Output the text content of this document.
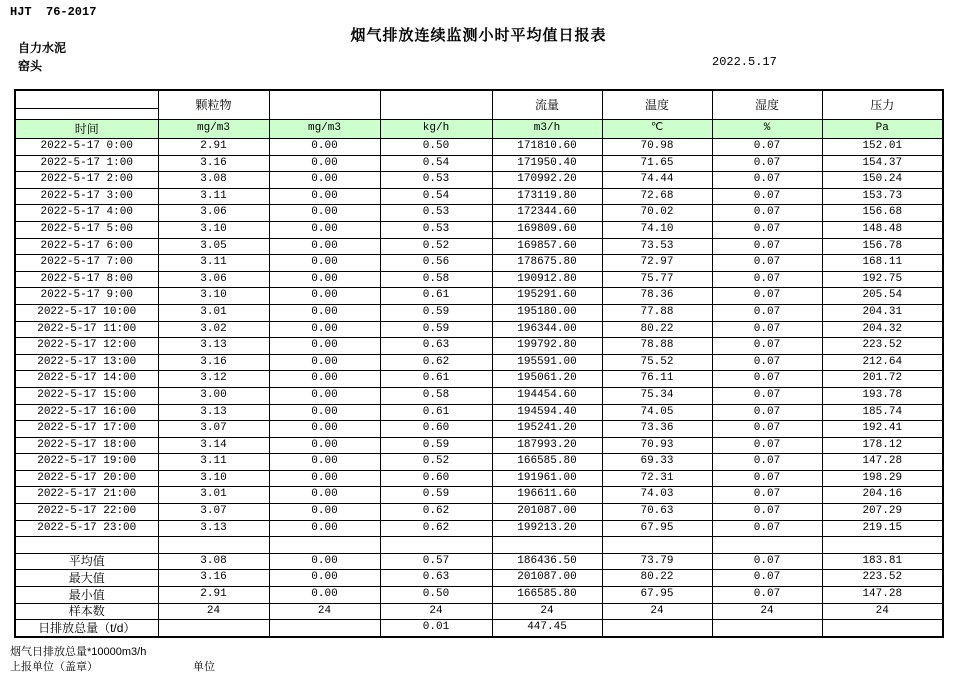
HJT  76-2017
烟气排放连续监测小时平均值日报表
自力水泥
窑头	2022.5.17
	颗粒物			流量	温度	湿度	压力

时间	mg/m3	mg/m3	kg/h	m3/h	℃	%	Pa
2022-5-17 0:00	2.91	0.00	0.50	171810.60	70.98	0.07	152.01
2022-5-17 1:00	3.16	0.00	0.54	171950.40	71.65	0.07	154.37
2022-5-17 2:00	3.08	0.00	0.53	170992.20	74.44	0.07	150.24
2022-5-17 3:00	3.11	0.00	0.54	173119.80	72.68	0.07	153.73
2022-5-17 4:00	3.06	0.00	0.53	172344.60	70.02	0.07	156.68
2022-5-17 5:00	3.10	0.00	0.53	169809.60	74.10	0.07	148.48
2022-5-17 6:00	3.05	0.00	0.52	169857.60	73.53	0.07	156.78
2022-5-17 7:00	3.11	0.00	0.56	178675.80	72.97	0.07	168.11
2022-5-17 8:00	3.06	0.00	0.58	190912.80	75.77	0.07	192.75
2022-5-17 9:00	3.10	0.00	0.61	195291.60	78.36	0.07	205.54
2022-5-17 10:00	3.01	0.00	0.59	195180.00	77.88	0.07	204.31
2022-5-17 11:00	3.02	0.00	0.59	196344.00	80.22	0.07	204.32
2022-5-17 12:00	3.13	0.00	0.63	199792.80	78.88	0.07	223.52
2022-5-17 13:00	3.16	0.00	0.62	195591.00	75.52	0.07	212.64
2022-5-17 14:00	3.12	0.00	0.61	195061.20	76.11	0.07	201.72
2022-5-17 15:00	3.00	0.00	0.58	194454.60	75.34	0.07	193.78
2022-5-17 16:00	3.13	0.00	0.61	194594.40	74.05	0.07	185.74
2022-5-17 17:00	3.07	0.00	0.60	195241.20	73.36	0.07	192.41
2022-5-17 18:00	3.14	0.00	0.59	187993.20	70.93	0.07	178.12
2022-5-17 19:00	3.11	0.00	0.52	166585.80	69.33	0.07	147.28
2022-5-17 20:00	3.10	0.00	0.60	191961.00	72.31	0.07	198.29
2022-5-17 21:00	3.01	0.00	0.59	196611.60	74.03	0.07	204.16
2022-5-17 22:00	3.07	0.00	0.62	201087.00	70.63	0.07	207.29
2022-5-17 23:00	3.13	0.00	0.62	199213.20	67.95	0.07	219.15

平均值	3.08	0.00	0.57	186436.50	73.79	0.07	183.81
最大值	3.16	0.00	0.63	201087.00	80.22	0.07	223.52
最小值	2.91	0.00	0.50	166585.80	67.95	0.07	147.28
样本数	24	24	24	24	24	24	24
日排放总量（t/d）			0.01	447.45			
烟气日排放总量*10000m3/h
上报单位（盖章）	单位
